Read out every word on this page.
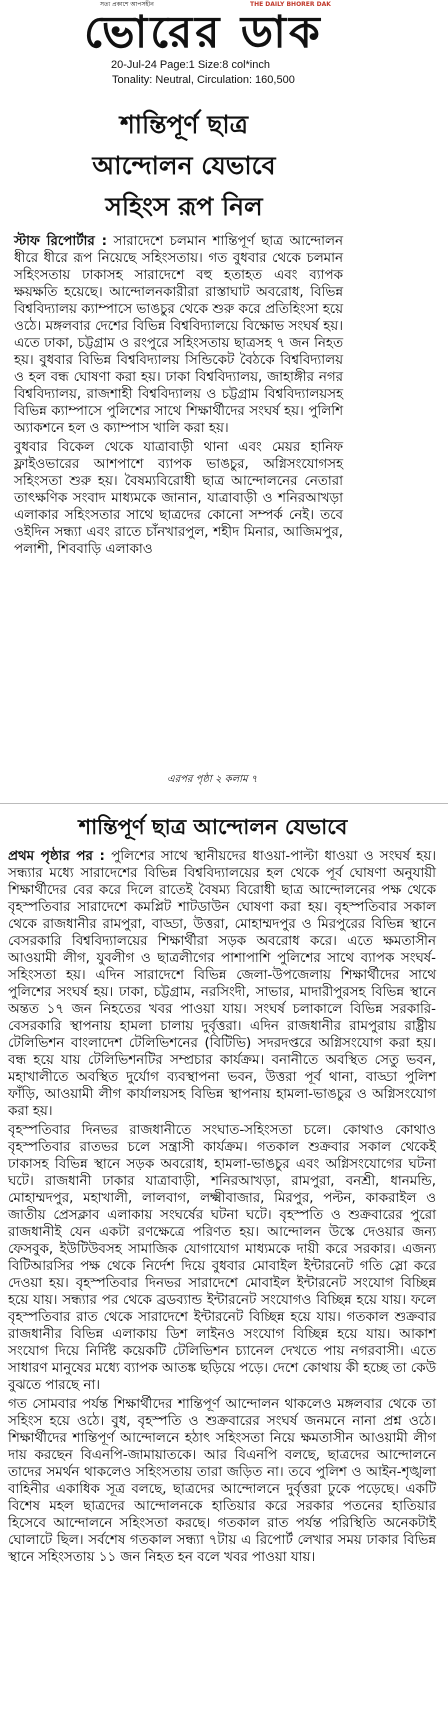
সত্য প্রকাশে আপসহীন	THE DAILY BHORER DAK
ভোরের ডাক
20-Jul-24 Page:1 Size:8 col*inch
Tonality: Neutral, Circulation: 160,500
শান্তিপূর্ণ ছাত্র
আন্দোলন যেভাবে
সহিংস রূপ নিল

স্টাফ রিপোর্টার : সারাদেশে চলমান শান্তিপূর্ণ ছাত্র আন্দোলন ধীরে ধীরে রূপ নিয়েছে সহিংসতায়। গত বুধবার থেকে চলমান সহিংসতায় ঢাকাসহ সারাদেশে বহু হতাহত এবং ব্যাপক ক্ষয়ক্ষতি হয়েছে। আন্দোলনকারীরা রাস্তাঘাট অবরোধ, বিভিন্ন বিশ্ববিদ্যালয় ক্যাম্পাসে ভাঙচুর থেকে শুরু করে প্রতিহিংসা হয়ে ওঠে। মঙ্গলবার দেশের বিভিন্ন বিশ্ববিদ্যালয়ে বিক্ষোভ সংঘর্ষ হয়। এতে ঢাকা, চট্টগ্রাম ও রংপুরে সহিংসতায় ছাত্রসহ ৭ জন নিহত হয়। বুধবার বিভিন্ন বিশ্ববিদ্যালয় সিন্ডিকেট বৈঠকে বিশ্ববিদ্যালয় ও হল বন্ধ ঘোষণা করা হয়। ঢাকা বিশ্ববিদ্যালয়, জাহাঙ্গীর নগর বিশ্ববিদ্যালয়, রাজশাহী বিশ্ববিদ্যালয় ও চট্টগ্রাম বিশ্ববিদ্যালয়সহ বিভিন্ন ক্যাম্পাসে পুলিশের সাথে শিক্ষার্থীদের সংঘর্ষ হয়। পুলিশি অ্যাকশনে হল ও ক্যাম্পাস খালি করা হয়।

বুধবার বিকেল থেকে যাত্রাবাড়ী থানা এবং মেয়র হানিফ ফ্লাইওভারের আশপাশে ব্যাপক ভাঙচুর, অগ্নিসংযোগসহ সহিংসতা শুরু হয়। বৈষম্যবিরোধী ছাত্র আন্দোলনের নেতারা তাৎক্ষণিক সংবাদ মাধ্যমকে জানান, যাত্রাবাড়ী ও শনিরআখড়া এলাকার সহিংসতার সাথে ছাত্রদের কোনো সম্পর্ক নেই। তবে ওইদিন সন্ধ্যা এবং রাতে চাঁনখারপুল, শহীদ মিনার, আজিমপুর, পলাশী, শিববাড়ি এলাকাও

এরপর পৃষ্ঠা ২ কলাম ৭
শান্তিপূর্ণ ছাত্র আন্দোলন যেভাবে

প্রথম পৃষ্ঠার পর : পুলিশের সাথে স্থানীয়দের ধাওয়া-পাল্টা ধাওয়া ও সংঘর্ষ হয়। সন্ধ্যার মধ্যে সারাদেশের বিভিন্ন বিশ্ববিদ্যালয়ের হল থেকে পূর্ব ঘোষণা অনুযায়ী শিক্ষার্থীদের বের করে দিলে রাতেই বৈষম্য বিরোধী ছাত্র আন্দোলনের পক্ষ থেকে বৃহস্পতিবার সারাদেশে কমপ্লিট শাটডাউন ঘোষণা করা হয়। বৃহস্পতিবার সকাল থেকে রাজধানীর রামপুরা, বাড্ডা, উত্তরা, মোহাম্মদপুর ও মিরপুরের বিভিন্ন স্থানে বেসরকারি বিশ্ববিদ্যালয়ের শিক্ষার্থীরা সড়ক অবরোধ করে। এতে ক্ষমতাসীন আওয়ামী লীগ, যুবলীগ ও ছাত্রলীগের পাশাপাশি পুলিশের সাথে ব্যাপক সংঘর্ষ-সহিংসতা হয়। এদিন সারাদেশে বিভিন্ন জেলা-উপজেলায় শিক্ষার্থীদের সাথে পুলিশের সংঘর্ষ হয়। ঢাকা, চট্টগ্রাম, নরসিংদী, সাভার, মাদারীপুরসহ বিভিন্ন স্থানে অন্তত ১৭ জন নিহতের খবর পাওয়া যায়। সংঘর্ষ চলাকালে বিভিন্ন সরকারি-বেসরকারি স্থাপনায় হামলা চালায় দুর্বৃত্তরা। এদিন রাজধানীর রামপুরায় রাষ্ট্রীয় টেলিভিশন বাংলাদেশ টেলিভিশনের (বিটিভি) সদরদপ্তরে অগ্নিসংযোগ করা হয়। বন্ধ হয়ে যায় টেলিভিশনটির সম্প্রচার কার্যক্রম। বনানীতে অবস্থিত সেতু ভবন, মহাখালীতে অবস্থিত দুর্যোগ ব্যবস্থাপনা ভবন, উত্তরা পূর্ব থানা, বাড্ডা পুলিশ ফাঁড়ি, আওয়ামী লীগ কার্যালয়সহ বিভিন্ন স্থাপনায় হামলা-ভাঙচুর ও অগ্নিসংযোগ করা হয়।

বৃহস্পতিবার দিনভর রাজধানীতে সংঘাত-সহিংসতা চলে। কোথাও কোথাও বৃহস্পতিবার রাতভর চলে সন্ত্রাসী কার্যক্রম। গতকাল শুক্রবার সকাল থেকেই ঢাকাসহ বিভিন্ন স্থানে সড়ক অবরোধ, হামলা-ভাঙচুর এবং অগ্নিসংযোগের ঘটনা ঘটে। রাজধানী ঢাকার যাত্রাবাড়ী, শনিরআখড়া, রামপুরা, বনশ্রী, ধানমন্ডি, মোহাম্মদপুর, মহাখালী, লালবাগ, লক্ষ্মীবাজার, মিরপুর, পল্টন, কাকরাইল ও জাতীয় প্রেসক্লাব এলাকায় সংঘর্ষের ঘটনা ঘটে। বৃহস্পতি ও শুক্রবারের পুরো রাজধানীই যেন একটা রণক্ষেত্রে পরিণত হয়। আন্দোলন উস্কে দেওয়ার জন্য ফেসবুক, ইউটিউবসহ সামাজিক যোগাযোগ মাধ্যমকে দায়ী করে সরকার। এজন্য বিটিআরসির পক্ষ থেকে নির্দেশ দিয়ে বুধবার মোবাইল ইন্টারনেট গতি স্লো করে দেওয়া হয়। বৃহস্পতিবার দিনভর সারাদেশে মোবাইল ইন্টারনেট সংযোগ বিচ্ছিন্ন হয়ে যায়। সন্ধ্যার পর থেকে ব্রডব্যান্ড ইন্টারনেট সংযোগও বিচ্ছিন্ন হয়ে যায়। ফলে বৃহস্পতিবার রাত থেকে সারাদেশে ইন্টারনেট বিচ্ছিন্ন হয়ে যায়। গতকাল শুক্রবার রাজধানীর বিভিন্ন এলাকায় ডিশ লাইনও সংযোগ বিচ্ছিন্ন হয়ে যায়। আকাশ সংযোগ দিয়ে নির্দিষ্ট কয়েকটি টেলিভিশন চ্যানেল দেখতে পায় নগরবাসী। এতে সাধারণ মানুষের মধ্যে ব্যাপক আতঙ্ক ছড়িয়ে পড়ে। দেশে কোথায় কী হচ্ছে তা কেউ বুঝতে পারছে না।

গত সোমবার পর্যন্ত শিক্ষার্থীদের শান্তিপূর্ণ আন্দোলন থাকলেও মঙ্গলবার থেকে তা সহিংস হয়ে ওঠে। বুধ, বৃহস্পতি ও শুক্রবারের সংঘর্ষ জনমনে নানা প্রশ্ন ওঠে। শিক্ষার্থীদের শান্তিপূর্ণ আন্দোলনে হঠাৎ সহিংসতা নিয়ে ক্ষমতাসীন আওয়ামী লীগ দায় করছেন বিএনপি-জামায়াতকে। আর বিএনপি বলছে, ছাত্রদের আন্দোলনে তাদের সমর্থন থাকলেও সহিংসতায় তারা জড়িত না। তবে পুলিশ ও আইন-শৃঙ্খলা বাহিনীর একাধিক সূত্র বলছে, ছাত্রদের আন্দোলনে দুর্বৃত্তরা ঢুকে পড়েছে। একটি বিশেষ মহল ছাত্রদের আন্দোলনকে হাতিয়ার করে সরকার পতনের হাতিয়ার হিসেবে আন্দোলনে সহিংসতা করছে। গতকাল রাত পর্যন্ত পরিস্থিতি অনেকটাই ঘোলাটে ছিল। সর্বশেষ গতকাল সন্ধ্যা ৭টায় এ রিপোর্ট লেখার সময় ঢাকার বিভিন্ন স্থানে সহিংসতায় ১১ জন নিহত হন বলে খবর পাওয়া যায়।
